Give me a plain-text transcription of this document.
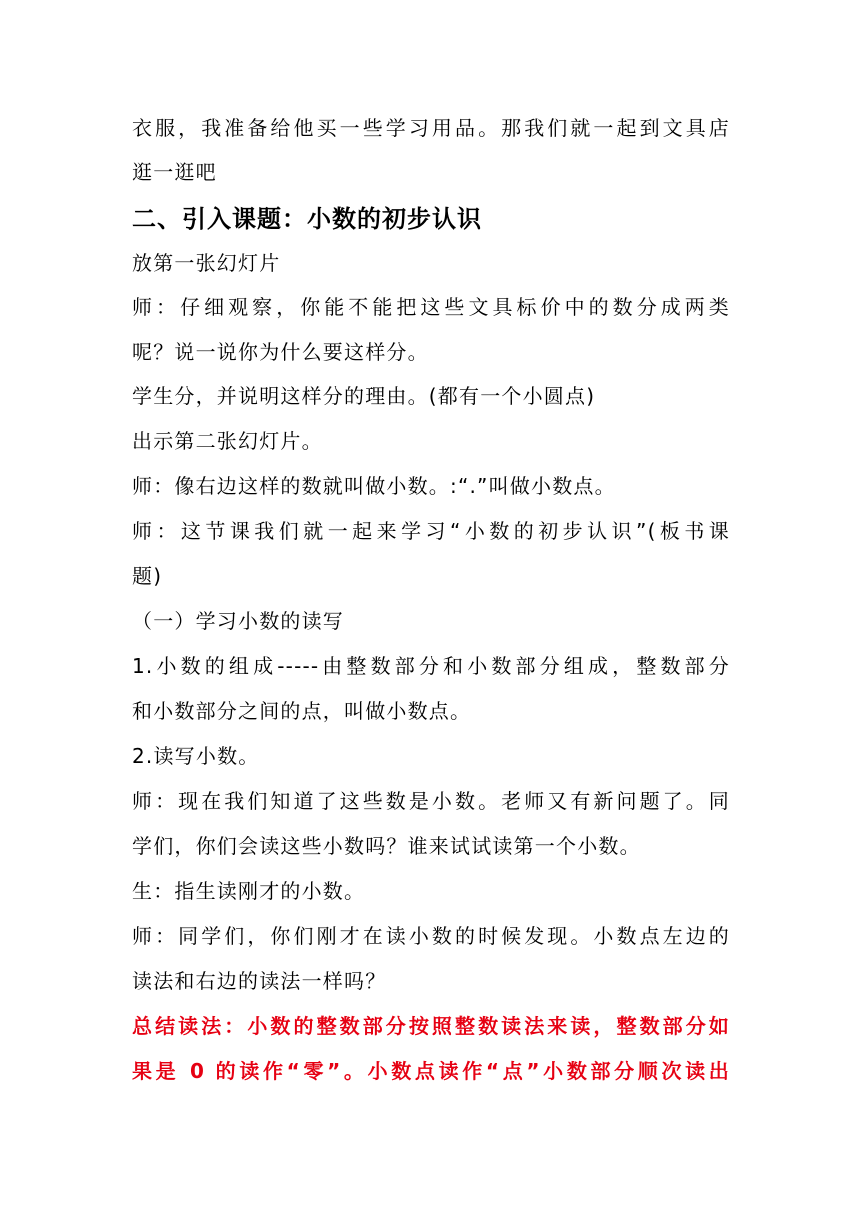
衣服，我准备给他买一些学习用品。那我们就一起到文具店
逛一逛吧
二、引入课题：小数的初步认识
放第一张幻灯片
师：仔细观察，你能不能把这些文具标价中的数分成两类
呢？说一说你为什么要这样分。
学生分，并说明这样分的理由。(都有一个小圆点)
出示第二张幻灯片。
师：像右边这样的数就叫做小数。:“.”叫做小数点。
师：这节课我们就一起来学习“小数的初步认识”(板书课
题)
（一）学习小数的读写
1.小数的组成-----由整数部分和小数部分组成，整数部分
和小数部分之间的点，叫做小数点。
2.读写小数。
师：现在我们知道了这些数是小数。老师又有新问题了。同
学们，你们会读这些小数吗？谁来试试读第一个小数。
生：指生读刚才的小数。
师：同学们，你们刚才在读小数的时候发现。小数点左边的
读法和右边的读法一样吗？
总结读法：小数的整数部分按照整数读法来读，整数部分如
果是 0 的读作“零”。小数点读作“点”小数部分顺次读出
